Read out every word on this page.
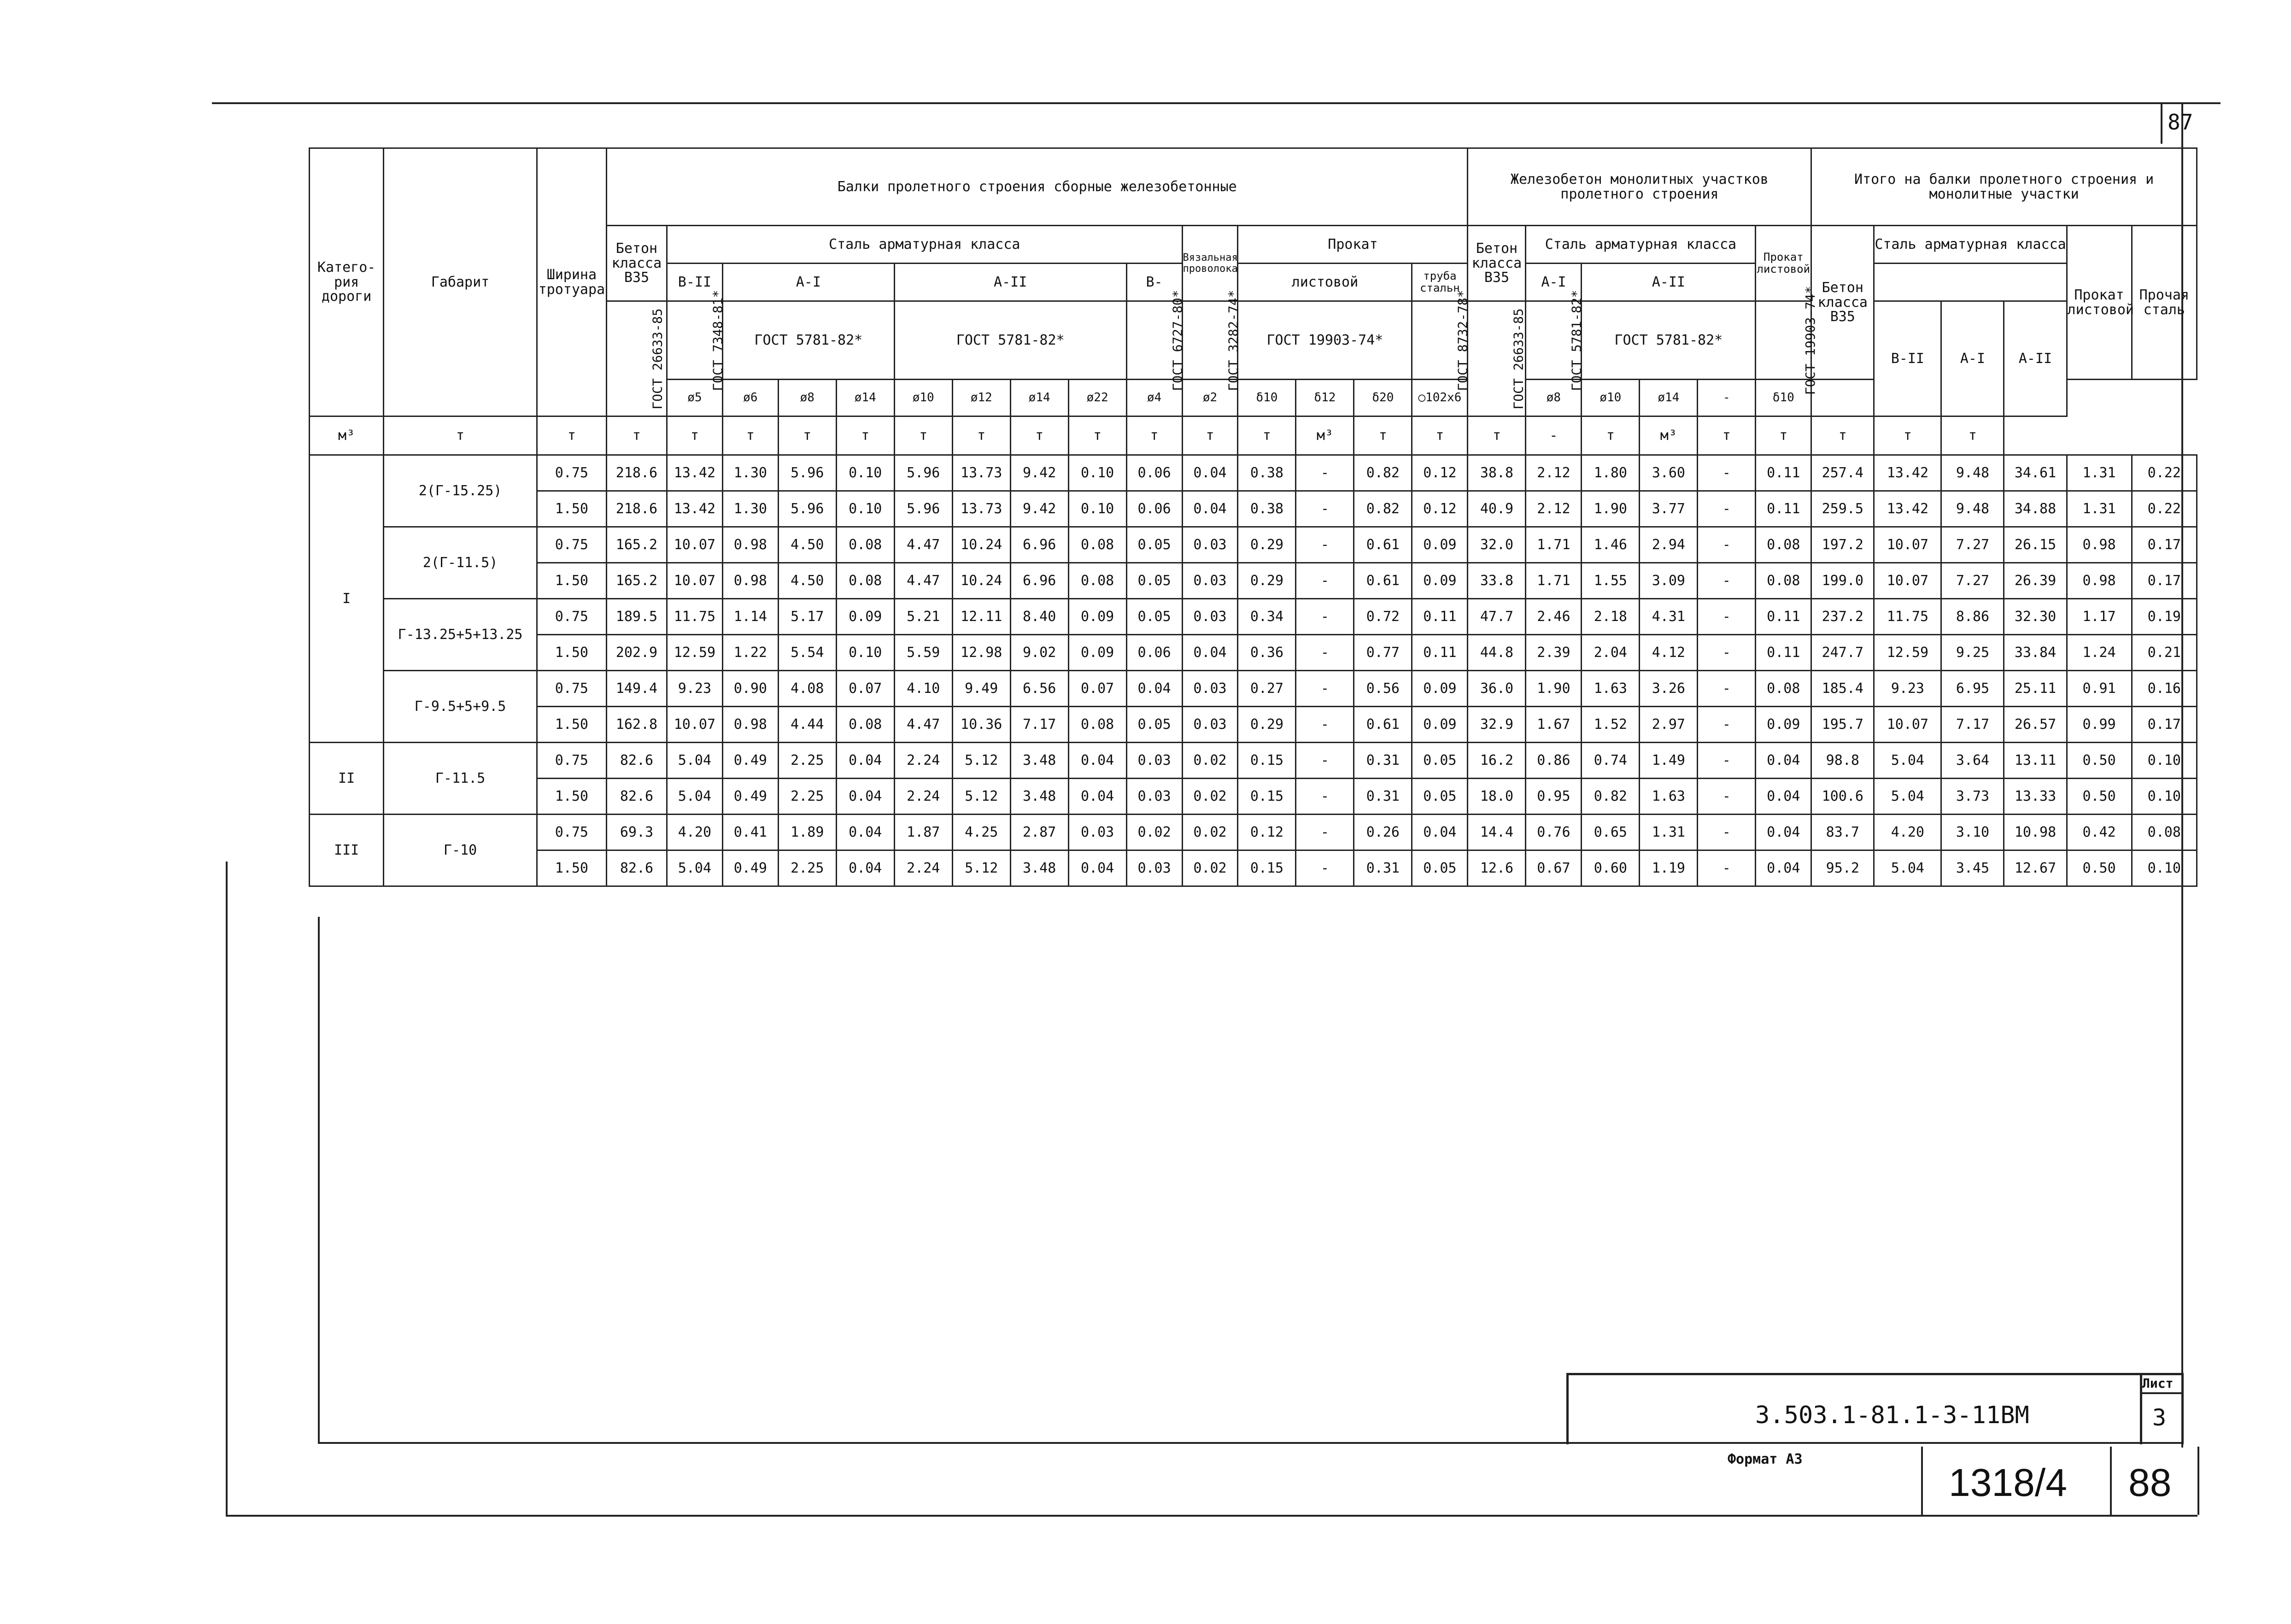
87
Катего-рия дороги	Габарит	Ширина тротуара	Балки пролетного строения сборные железобетонные															Железобетон монолитных участков пролетного строения						Итого на балки пролетного строения и монолитные участки					
			Бетон класса В35	Сталь арматурная класса									Вязальная проволока	Прокат				Бетон класса В35	Сталь арматурная класса				Прокат листовой	Бетон класса В35	Сталь арматурная класса			Прокат листовой	Прочая сталь
				В-II	А-I			А-II				В-		листовой			труба стальн		А-I	А-II									
			ГОСТ 26633-85	ГОСТ 7348-81*	ГОСТ 5781-82*			ГОСТ 5781-82*				ГОСТ 6727-80*	ГОСТ 3282-74*	ГОСТ 19903-74*			ГОСТ 8732-78*	ГОСТ 26633-85	ГОСТ 5781-82*	ГОСТ 5781-82*			ГОСТ 19903-74*		В-II	А-I	А-II		
				ø5	ø6	ø8	ø14	ø10	ø12	ø14	ø22	ø4	ø2	δ10	δ12	δ20	○102х6		ø8	ø10	ø14	-	δ10						
м³	т	т	т	т	т	т	т	т	т	т	т	т	т	т	м³	т	т	т	-	т	м³	т	т	т	т	т			
I	2(Г-15.25)	0.75	218.6	13.42	1.30	5.96	0.10	5.96	13.73	9.42	0.10	0.06	0.04	0.38	-	0.82	0.12	38.8	2.12	1.80	3.60	-	0.11	257.4	13.42	9.48	34.61	1.31	0.22
		1.50	218.6	13.42	1.30	5.96	0.10	5.96	13.73	9.42	0.10	0.06	0.04	0.38	-	0.82	0.12	40.9	2.12	1.90	3.77	-	0.11	259.5	13.42	9.48	34.88	1.31	0.22
	2(Г-11.5)	0.75	165.2	10.07	0.98	4.50	0.08	4.47	10.24	6.96	0.08	0.05	0.03	0.29	-	0.61	0.09	32.0	1.71	1.46	2.94	-	0.08	197.2	10.07	7.27	26.15	0.98	0.17
		1.50	165.2	10.07	0.98	4.50	0.08	4.47	10.24	6.96	0.08	0.05	0.03	0.29	-	0.61	0.09	33.8	1.71	1.55	3.09	-	0.08	199.0	10.07	7.27	26.39	0.98	0.17
	Г-13.25+5+13.25	0.75	189.5	11.75	1.14	5.17	0.09	5.21	12.11	8.40	0.09	0.05	0.03	0.34	-	0.72	0.11	47.7	2.46	2.18	4.31	-	0.11	237.2	11.75	8.86	32.30	1.17	0.19
		1.50	202.9	12.59	1.22	5.54	0.10	5.59	12.98	9.02	0.09	0.06	0.04	0.36	-	0.77	0.11	44.8	2.39	2.04	4.12	-	0.11	247.7	12.59	9.25	33.84	1.24	0.21
	Г-9.5+5+9.5	0.75	149.4	9.23	0.90	4.08	0.07	4.10	9.49	6.56	0.07	0.04	0.03	0.27	-	0.56	0.09	36.0	1.90	1.63	3.26	-	0.08	185.4	9.23	6.95	25.11	0.91	0.16
		1.50	162.8	10.07	0.98	4.44	0.08	4.47	10.36	7.17	0.08	0.05	0.03	0.29	-	0.61	0.09	32.9	1.67	1.52	2.97	-	0.09	195.7	10.07	7.17	26.57	0.99	0.17
II	Г-11.5	0.75	82.6	5.04	0.49	2.25	0.04	2.24	5.12	3.48	0.04	0.03	0.02	0.15	-	0.31	0.05	16.2	0.86	0.74	1.49	-	0.04	98.8	5.04	3.64	13.11	0.50	0.10
		1.50	82.6	5.04	0.49	2.25	0.04	2.24	5.12	3.48	0.04	0.03	0.02	0.15	-	0.31	0.05	18.0	0.95	0.82	1.63	-	0.04	100.6	5.04	3.73	13.33	0.50	0.10
III	Г-10	0.75	69.3	4.20	0.41	1.89	0.04	1.87	4.25	2.87	0.03	0.02	0.02	0.12	-	0.26	0.04	14.4	0.76	0.65	1.31	-	0.04	83.7	4.20	3.10	10.98	0.42	0.08
		1.50	82.6	5.04	0.49	2.25	0.04	2.24	5.12	3.48	0.04	0.03	0.02	0.15	-	0.31	0.05	12.6	0.67	0.60	1.19	-	0.04	95.2	5.04	3.45	12.67	0.50	0.10
3.503.1-81.1-3-11ВМ
Лист
3
Формат А3
1318/4 88
